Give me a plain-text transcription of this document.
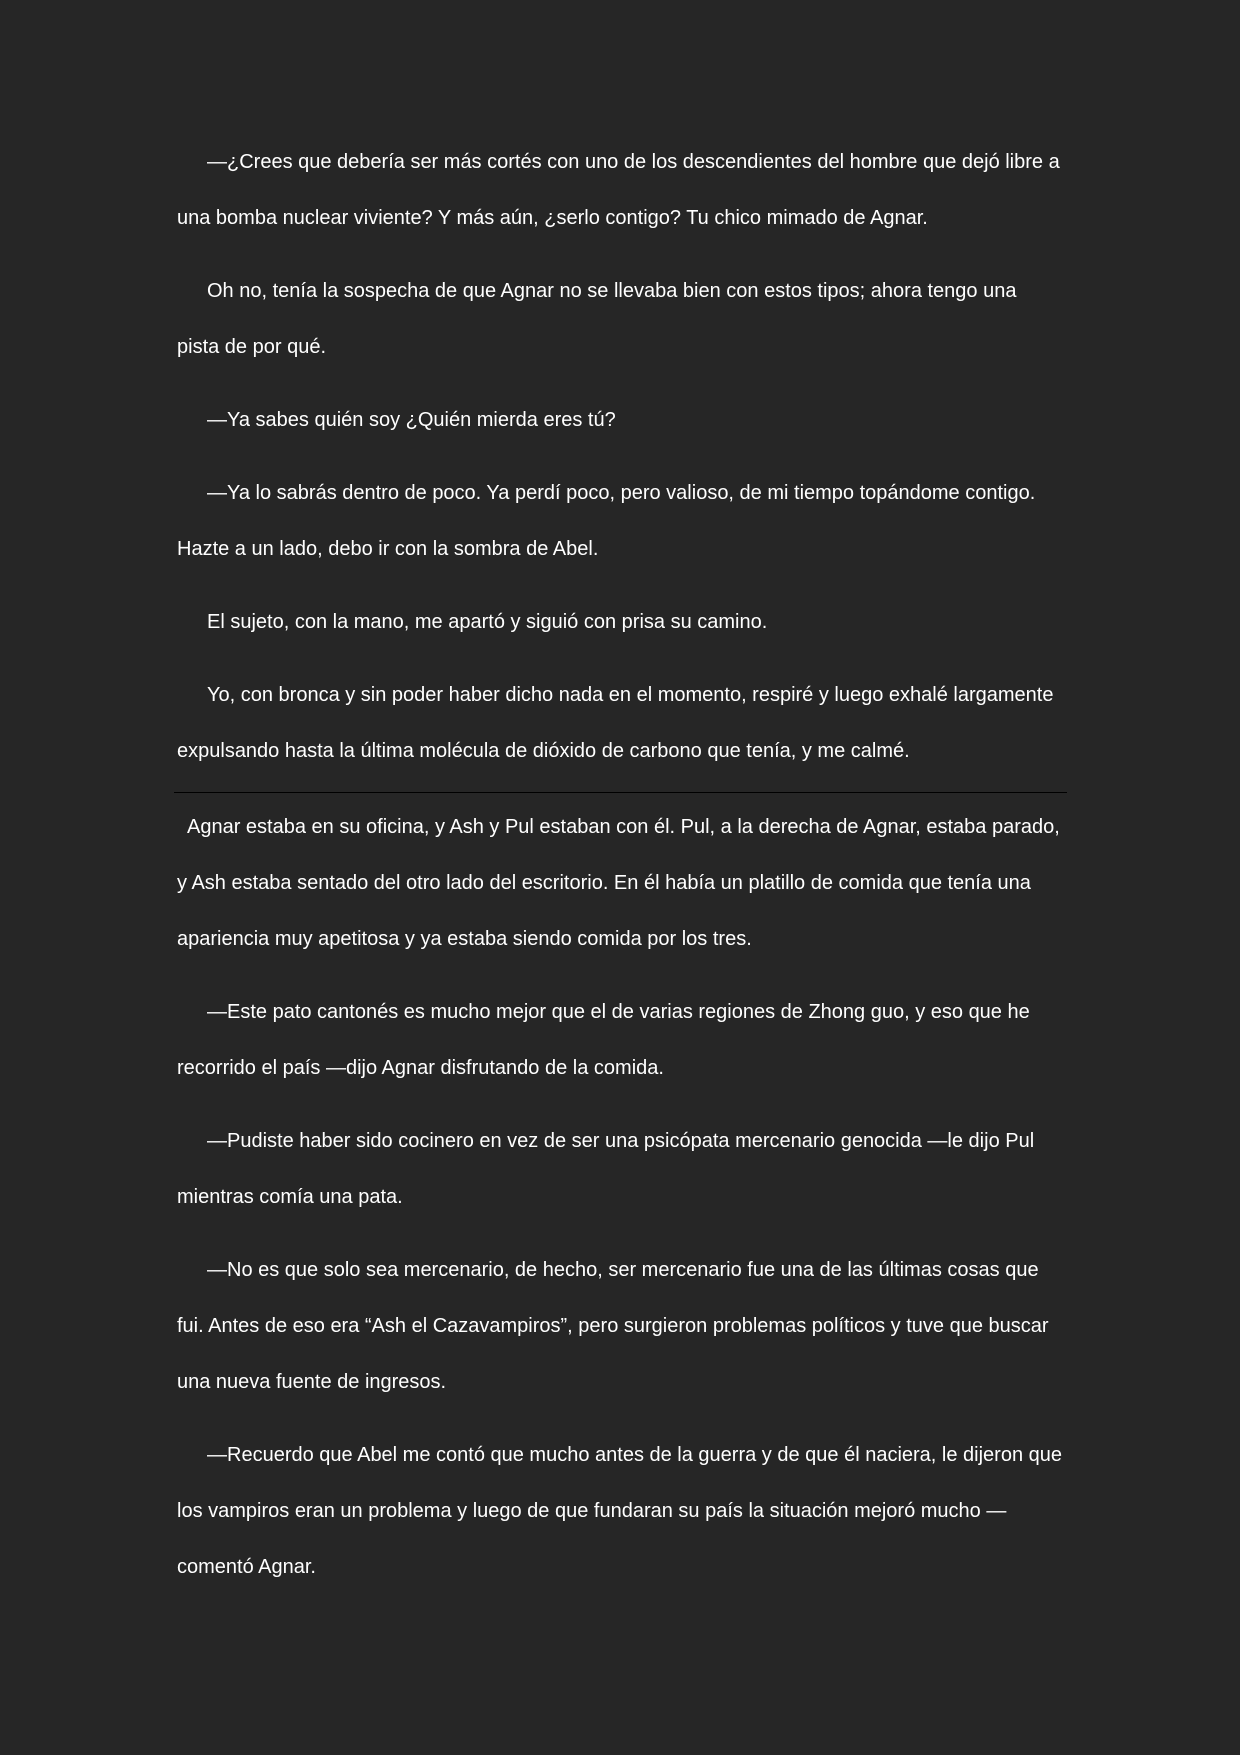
—¿Crees que debería ser más cortés con uno de los descendientes del hombre que dejó libre a una bomba nuclear viviente? Y más aún, ¿serlo contigo? Tu chico mimado de Agnar.

Oh no, tenía la sospecha de que Agnar no se llevaba bien con estos tipos; ahora tengo una pista de por qué.

—Ya sabes quién soy ¿Quién mierda eres tú?

—Ya lo sabrás dentro de poco. Ya perdí poco, pero valioso, de mi tiempo topándome contigo. Hazte a un lado, debo ir con la sombra de Abel.

El sujeto, con la mano, me apartó y siguió con prisa su camino.

Yo, con bronca y sin poder haber dicho nada en el momento, respiré y luego exhalé largamente expulsando hasta la última molécula de dióxido de carbono que tenía, y me calmé.

Agnar estaba en su oficina, y Ash y Pul estaban con él. Pul, a la derecha de Agnar, estaba parado, y Ash estaba sentado del otro lado del escritorio. En él había un platillo de comida que tenía una apariencia muy apetitosa y ya estaba siendo comida por los tres.

—Este pato cantonés es mucho mejor que el de varias regiones de Zhong guo, y eso que he recorrido el país —dijo Agnar disfrutando de la comida.

—Pudiste haber sido cocinero en vez de ser una psicópata mercenario genocida —le dijo Pul mientras comía una pata.

—No es que solo sea mercenario, de hecho, ser mercenario fue una de las últimas cosas que fui. Antes de eso era “Ash el Cazavampiros”, pero surgieron problemas políticos y tuve que buscar una nueva fuente de ingresos.

—Recuerdo que Abel me contó que mucho antes de la guerra y de que él naciera, le dijeron que los vampiros eran un problema y luego de que fundaran su país la situación mejoró mucho —comentó Agnar.
